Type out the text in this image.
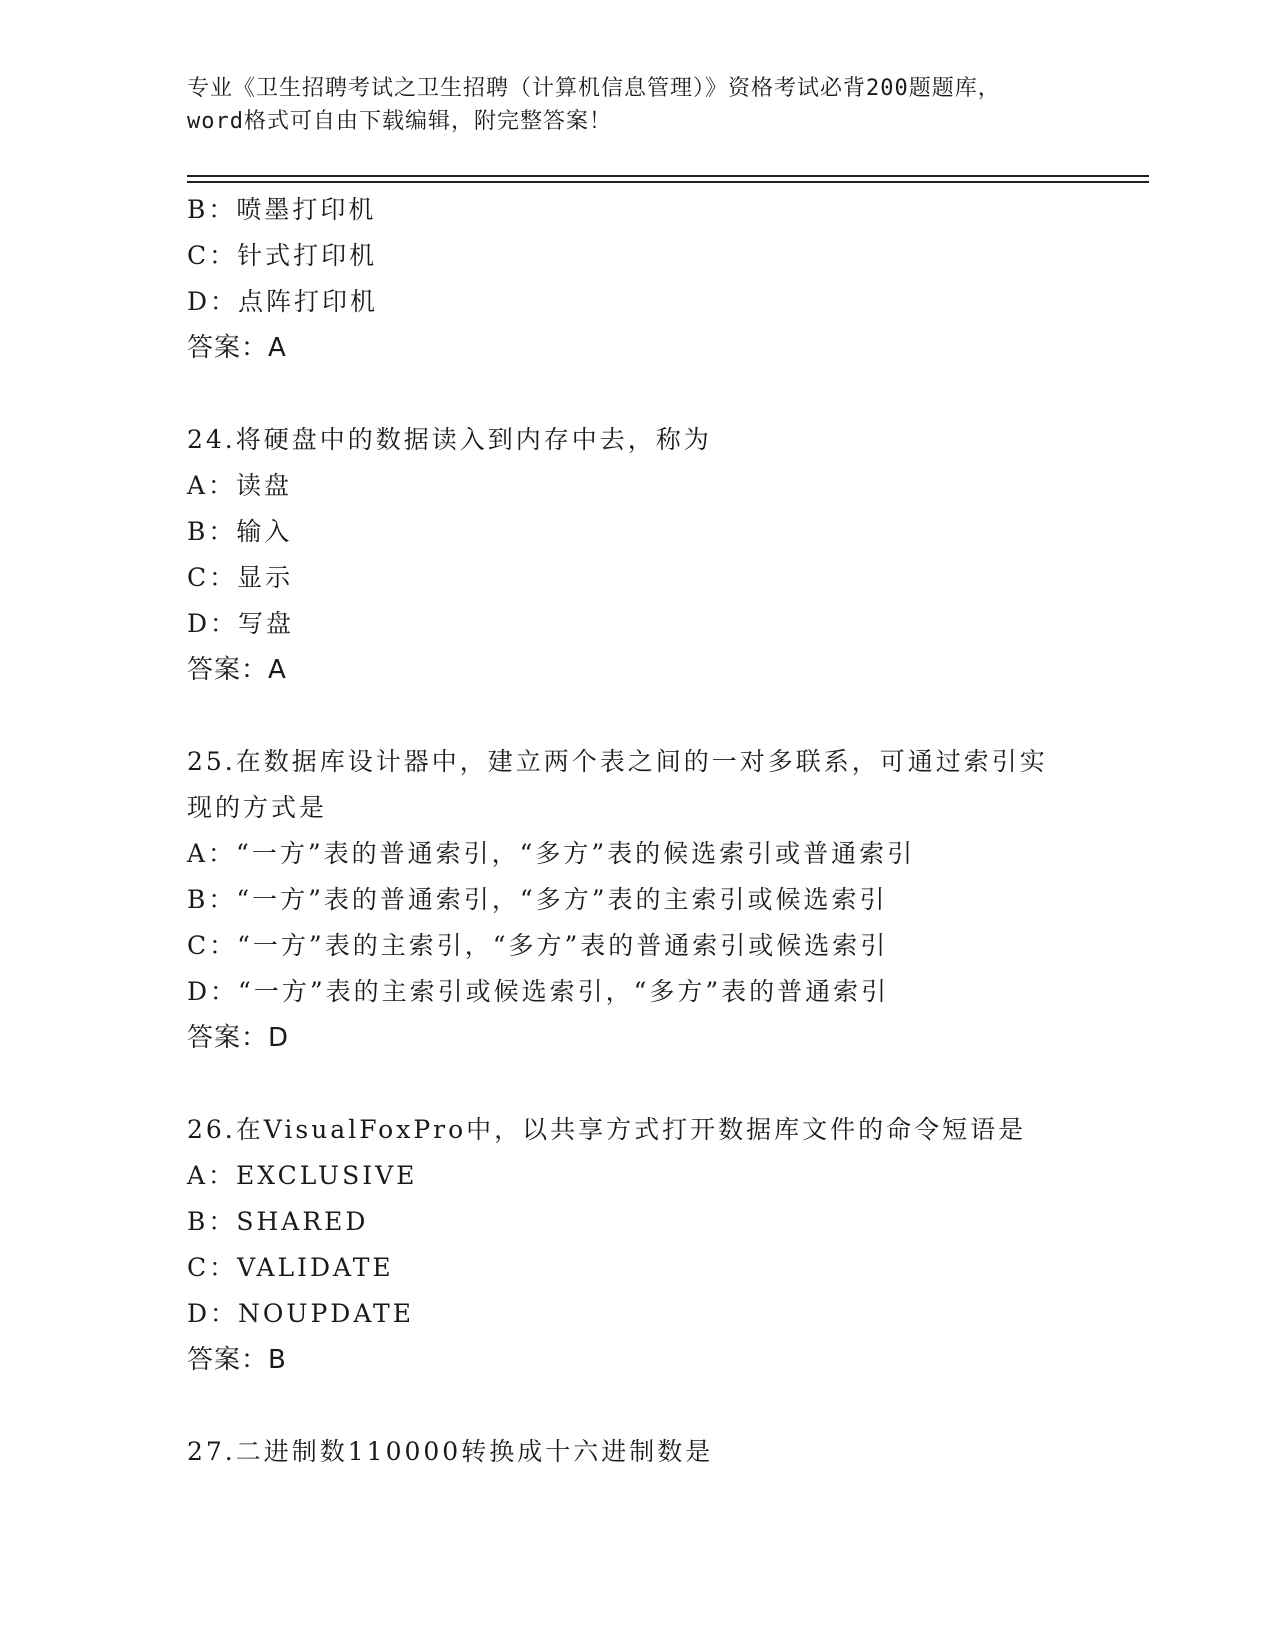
专业《卫生招聘考试之卫生招聘（计算机信息管理）》资格考试必背200题题库，
word格式可自由下载编辑，附完整答案！
B：喷墨打印机
C：针式打印机
D：点阵打印机
答案：A
24.将硬盘中的数据读入到内存中去，称为
A：读盘
B：输入
C：显示
D：写盘
答案：A
25.在数据库设计器中，建立两个表之间的一对多联系，可通过索引实
现的方式是
A：“一方”表的普通索引，“多方”表的候选索引或普通索引
B：“一方”表的普通索引，“多方”表的主索引或候选索引
C：“一方”表的主索引，“多方”表的普通索引或候选索引
D：“一方”表的主索引或候选索引，“多方”表的普通索引
答案：D
26.在VisualFoxPro中，以共享方式打开数据库文件的命令短语是
A：EXCLUSIVE
B：SHARED
C：VALIDATE
D：NOUPDATE
答案：B
27.二进制数110000转换成十六进制数是
